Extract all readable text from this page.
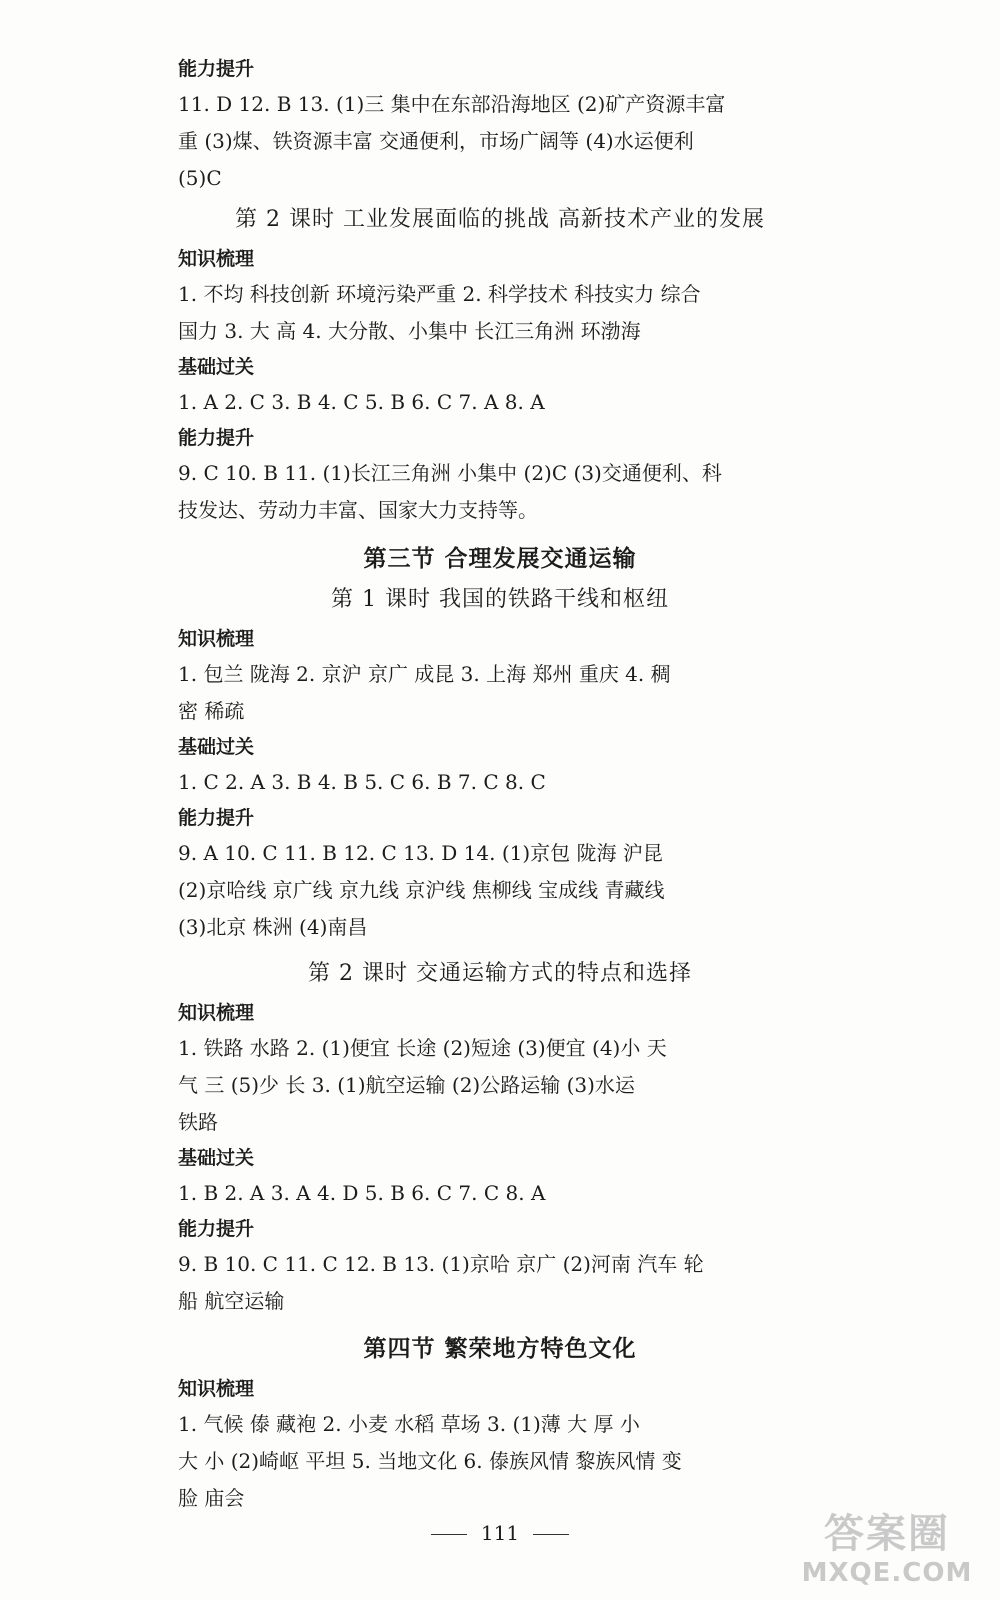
能力提升
11. D 12. B 13. (1)三 集中在东部沿海地区 (2)矿产资源丰富
重 (3)煤、铁资源丰富 交通便利，市场广阔等 (4)水运便利
(5)C
第 2 课时 工业发展面临的挑战 高新技术产业的发展
知识梳理
1. 不均 科技创新 环境污染严重 2. 科学技术 科技实力 综合
国力 3. 大 高 4. 大分散、小集中 长江三角洲 环渤海
基础过关
1. A 2. C 3. B 4. C 5. B 6. C 7. A 8. A
能力提升
9. C 10. B 11. (1)长江三角洲 小集中 (2)C (3)交通便利、科
技发达、劳动力丰富、国家大力支持等。
第三节 合理发展交通运输
第 1 课时 我国的铁路干线和枢纽
知识梳理
1. 包兰 陇海 2. 京沪 京广 成昆 3. 上海 郑州 重庆 4. 稠
密 稀疏
基础过关
1. C 2. A 3. B 4. B 5. C 6. B 7. C 8. C
能力提升
9. A 10. C 11. B 12. C 13. D 14. (1)京包 陇海 沪昆
(2)京哈线 京广线 京九线 京沪线 焦柳线 宝成线 青藏线
(3)北京 株洲 (4)南昌
第 2 课时 交通运输方式的特点和选择
知识梳理
1. 铁路 水路 2. (1)便宜 长途 (2)短途 (3)便宜 (4)小 天
气 三 (5)少 长 3. (1)航空运输 (2)公路运输 (3)水运
铁路
基础过关
1. B 2. A 3. A 4. D 5. B 6. C 7. C 8. A
能力提升
9. B 10. C 11. C 12. B 13. (1)京哈 京广 (2)河南 汽车 轮
船 航空运输
第四节 繁荣地方特色文化
知识梳理
1. 气候 傣 藏袍 2. 小麦 水稻 草场 3. (1)薄 大 厚 小
大 小 (2)崎岖 平坦 5. 当地文化 6. 傣族风情 黎族风情 变
脸 庙会
111	答案圈
MXQE.COM
